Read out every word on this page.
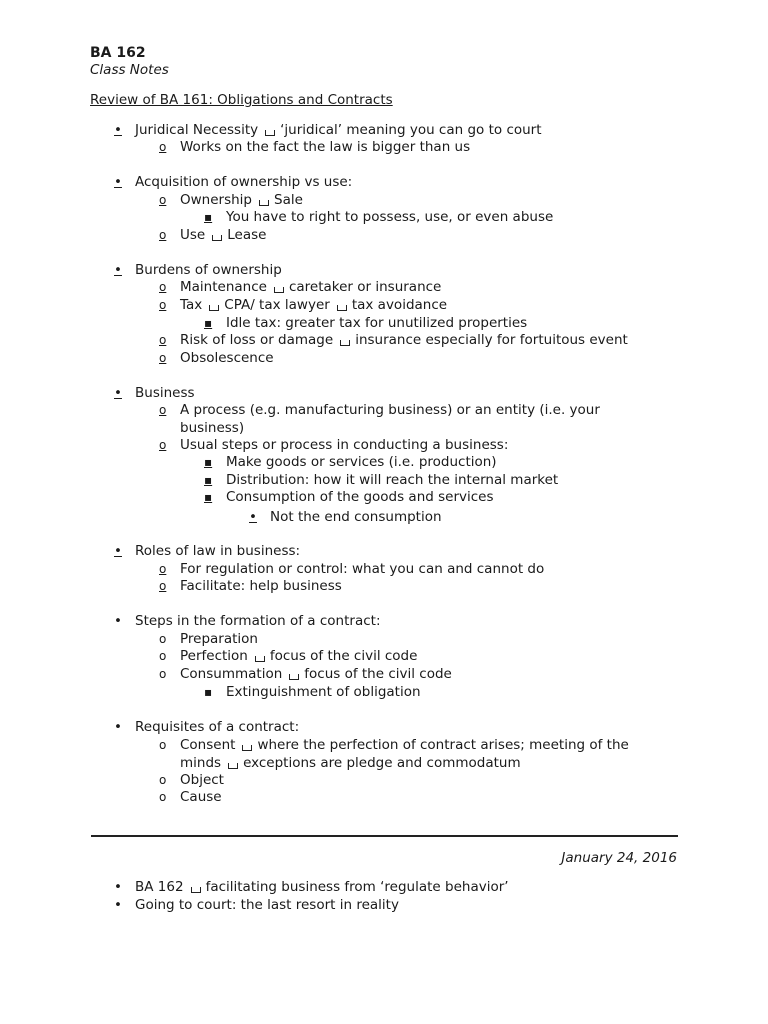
BA 162
Class Notes
Review of BA 161: Obligations and Contracts
•
Juridical Necessity ‘juridical’ meaning you can go to court
o
Works on the fact the law is bigger than us
•
Acquisition of ownership vs use:
o
Ownership Sale
▪
You have to right to possess, use, or even abuse
o
Use Lease
•
Burdens of ownership
o
Maintenance caretaker or insurance
o
Tax CPA/ tax lawyer tax avoidance
▪
Idle tax: greater tax for unutilized properties
o
Risk of loss or damage insurance especially for fortuitous event
o
Obsolescence
•
Business
o
A process (e.g. manufacturing business) or an entity (i.e. your
business)
o
Usual steps or process in conducting a business:
▪
Make goods or services (i.e. production)
▪
Distribution: how it will reach the internal market
▪
Consumption of the goods and services
•
Not the end consumption
•
Roles of law in business:
o
For regulation or control: what you can and cannot do
o
Facilitate: help business
•
Steps in the formation of a contract:
o
Preparation
o
Perfection focus of the civil code
o
Consummation focus of the civil code
▪
Extinguishment of obligation
•
Requisites of a contract:
o
Consent where the perfection of contract arises; meeting of the
minds exceptions are pledge and commodatum
o
Object
o
Cause
January 24, 2016
•
BA 162 facilitating business from ‘regulate behavior’
•
Going to court: the last resort in reality
